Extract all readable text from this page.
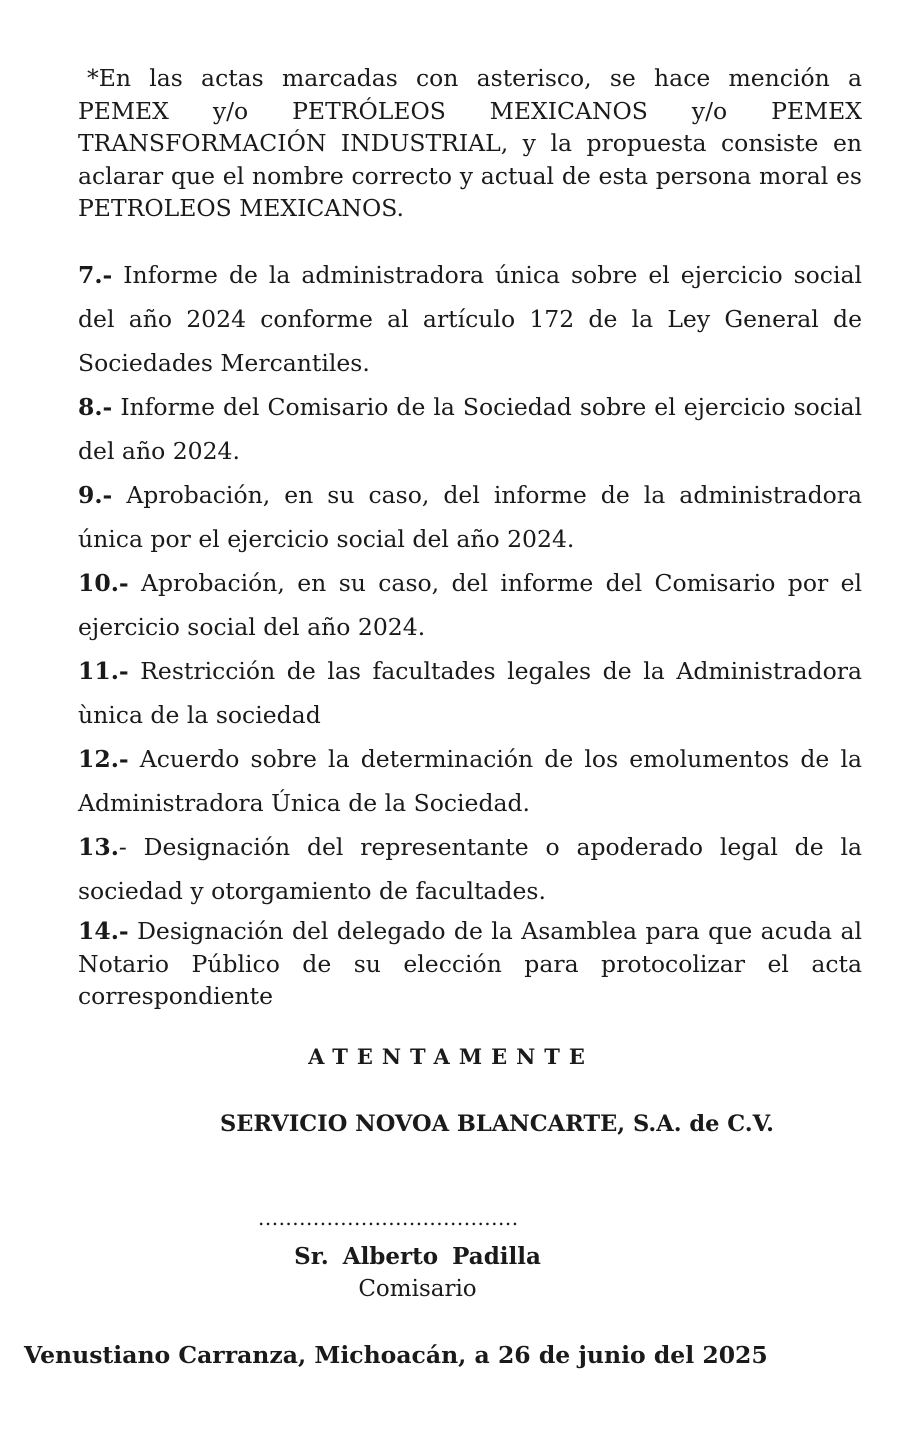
*En las actas marcadas con asterisco, se hace mención a PEMEX y/o PETRÓLEOS MEXICANOS y/o PEMEX TRANSFORMACIÓN INDUSTRIAL, y la propuesta consiste en aclarar que el nombre correcto y actual de esta persona moral es PETROLEOS MEXICANOS.

7.- Informe de la administradora única sobre el ejercicio social del año 2024 conforme al artículo 172 de la Ley General de Sociedades Mercantiles.

8.- Informe del Comisario de la Sociedad sobre el ejercicio social del año 2024.

9.- Aprobación, en su caso, del informe de la administradora única por el ejercicio social del año 2024.

10.- Aprobación, en su caso, del informe del Comisario por el ejercicio social del año 2024.

11.- Restricción de las facultades legales de la Administradora ùnica de la sociedad

12.- Acuerdo sobre la determinación de los emolumentos de la Administradora Única de la Sociedad.

13.- Designación del representante o apoderado legal de la sociedad y otorgamiento de facultades.

14.- Designación del delegado de la Asamblea para que acuda al Notario Público de su elección para protocolizar el acta correspondiente

ATENTAMENTE

SERVICIO NOVOA BLANCARTE, S.A. de C.V.

......................................

Sr. Alberto Padilla

Comisario

Venustiano Carranza, Michoacán, a 26 de junio del 2025
